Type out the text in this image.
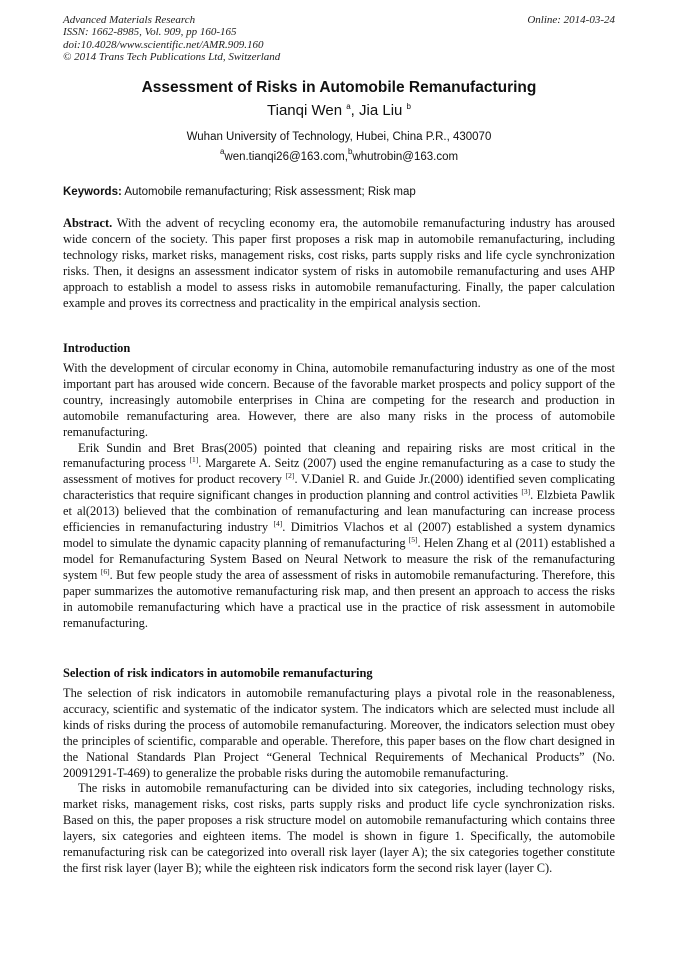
Advanced Materials Research
ISSN: 1662-8985, Vol. 909, pp 160-165
doi:10.4028/www.scientific.net/AMR.909.160
© 2014 Trans Tech Publications Ltd, Switzerland
Online: 2014-03-24
Assessment of Risks in Automobile Remanufacturing
Tianqi Wen $^a$, Jia Liu $^b$
Wuhan University of Technology, Hubei, China P.R., 430070
$^a$wen.tianqi26@163.com,$^b$whutrobin@163.com
Keywords: Automobile remanufacturing; Risk assessment; Risk map

Abstract. With the advent of recycling economy era, the automobile remanufacturing industry has aroused wide concern of the society. This paper first proposes a risk map in automobile remanufacturing, including technology risks, market risks, management risks, cost risks, parts supply risks and life cycle synchronization risks. Then, it designs an assessment indicator system of risks in automobile remanufacturing and uses AHP approach to establish a model to assess risks in automobile remanufacturing. Finally, the paper calculation example and proves its correctness and practicality in the empirical analysis section.

Introduction

With the development of circular economy in China, automobile remanufacturing industry as one of the most important part has aroused wide concern. Because of the favorable market prospects and policy support of the country, increasingly automobile enterprises in China are competing for the research and production in automobile remanufacturing area. However, there are also many risks in the process of automobile remanufacturing.

Erik Sundin and Bret Bras(2005) pointed that cleaning and repairing risks are most critical in the remanufacturing process [1]. Margarete A. Seitz (2007) used the engine remanufacturing as a case to study the assessment of motives for product recovery [2]. V.Daniel R. and Guide Jr.(2000) identified seven complicating characteristics that require significant changes in production planning and control activities [3]. Elzbieta Pawlik et al(2013) believed that the combination of remanufacturing and lean manufacturing can increase process efficiencies in remanufacturing industry [4]. Dimitrios Vlachos et al (2007) established a system dynamics model to simulate the dynamic capacity planning of remanufacturing [5]. Helen Zhang et al (2011) established a model for Remanufacturing System Based on Neural Network to measure the risk of the remanufacturing system [6]. But few people study the area of assessment of risks in automobile remanufacturing. Therefore, this paper summarizes the automotive remanufacturing risk map, and then present an approach to access the risks in automobile remanufacturing which have a practical use in the practice of risk assessment in automobile remanufacturing.

Selection of risk indicators in automobile remanufacturing

The selection of risk indicators in automobile remanufacturing plays a pivotal role in the reasonableness, accuracy, scientific and systematic of the indicator system. The indicators which are selected must include all kinds of risks during the process of automobile remanufacturing. Moreover, the indicators selection must obey the principles of scientific, comparable and operable. Therefore, this paper bases on the flow chart designed in the National Standards Plan Project “General Technical Requirements of Mechanical Products” (No. 20091291-T-469) to generalize the probable risks during the automobile remanufacturing.

The risks in automobile remanufacturing can be divided into six categories, including technology risks, market risks, management risks, cost risks, parts supply risks and product life cycle synchronization risks. Based on this, the paper proposes a risk structure model on automobile remanufacturing which contains three layers, six categories and eighteen items. The model is shown in figure 1. Specifically, the automobile remanufacturing risk can be categorized into overall risk layer (layer A); the six categories together constitute the first risk layer (layer B); while the eighteen risk indicators form the second risk layer (layer C).
